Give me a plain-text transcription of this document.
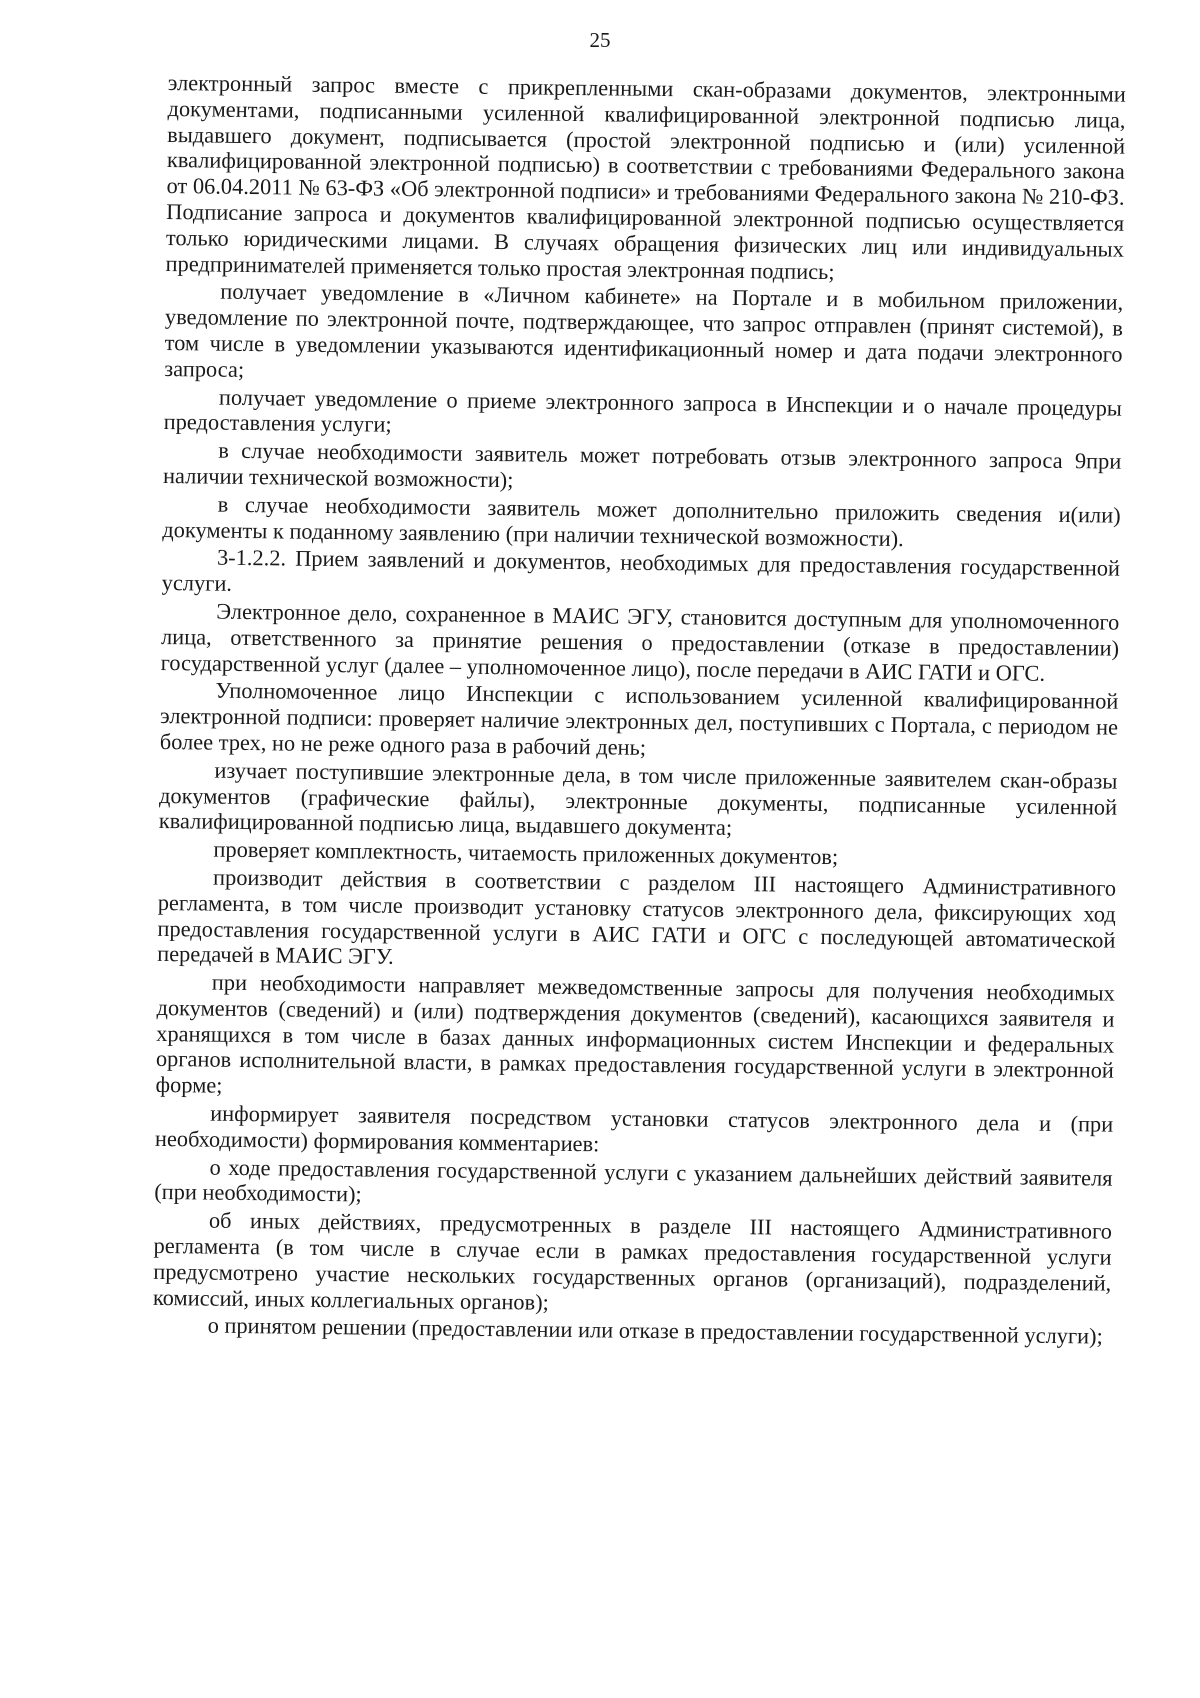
25

электронный запрос вместе с прикрепленными скан-образами документов, электронными документами, подписанными усиленной квалифицированной электронной подписью лица, выдавшего документ, подписывается (простой электронной подписью и (или) усиленной квалифицированной электронной подписью) в соответствии с требованиями Федерального закона от 06.04.2011 № 63-ФЗ «Об электронной подписи» и требованиями Федерального закона № 210-ФЗ. Подписание запроса и документов квалифицированной электронной подписью осуществляется только юридическими лицами. В случаях обращения физических лиц или индивидуальных предпринимателей применяется только простая электронная подпись;

получает уведомление в «Личном кабинете» на Портале и в мобильном приложении, уведомление по электронной почте, подтверждающее, что запрос отправлен (принят системой), в том числе в уведомлении указываются идентификационный номер и дата подачи электронного запроса;

получает уведомление о приеме электронного запроса в Инспекции и о начале процедуры предоставления услуги;

в случае необходимости заявитель может потребовать отзыв электронного запроса 9при наличии технической возможности);

в случае необходимости заявитель может дополнительно приложить сведения и(или) документы к поданному заявлению (при наличии технической возможности).

3-1.2.2. Прием заявлений и документов, необходимых для предоставления государственной услуги.

Электронное дело, сохраненное в МАИС ЭГУ, становится доступным для уполномоченного лица, ответственного за принятие решения о предоставлении (отказе в предоставлении) государственной услуг (далее – уполномоченное лицо), после передачи в АИС ГАТИ и ОГС.

Уполномоченное лицо Инспекции с использованием усиленной квалифицированной электронной подписи: проверяет наличие электронных дел, поступивших с Портала, с периодом не более трех, но не реже одного раза в рабочий день;

изучает поступившие электронные дела, в том числе приложенные заявителем скан-образы документов (графические файлы), электронные документы, подписанные усиленной квалифицированной подписью лица, выдавшего документа;

проверяет комплектность, читаемость приложенных документов;

производит действия в соответствии с разделом III настоящего Административного регламента, в том числе производит установку статусов электронного дела, фиксирующих ход предоставления государственной услуги в АИС ГАТИ и ОГС с последующей автоматической передачей в МАИС ЭГУ.

при необходимости направляет межведомственные запросы для получения необходимых документов (сведений) и (или) подтверждения документов (сведений), касающихся заявителя и хранящихся в том числе в базах данных информационных систем Инспекции и федеральных органов исполнительной власти, в рамках предоставления государственной услуги в электронной форме;

информирует заявителя посредством установки статусов электронного дела и (при необходимости) формирования комментариев:

о ходе предоставления государственной услуги с указанием дальнейших действий заявителя (при необходимости);

об иных действиях, предусмотренных в разделе III настоящего Административного регламента (в том числе в случае если в рамках предоставления государственной услуги предусмотрено участие нескольких государственных органов (организаций), подразделений, комиссий, иных коллегиальных органов);

о принятом решении (предоставлении или отказе в предоставлении государственной услуги);
